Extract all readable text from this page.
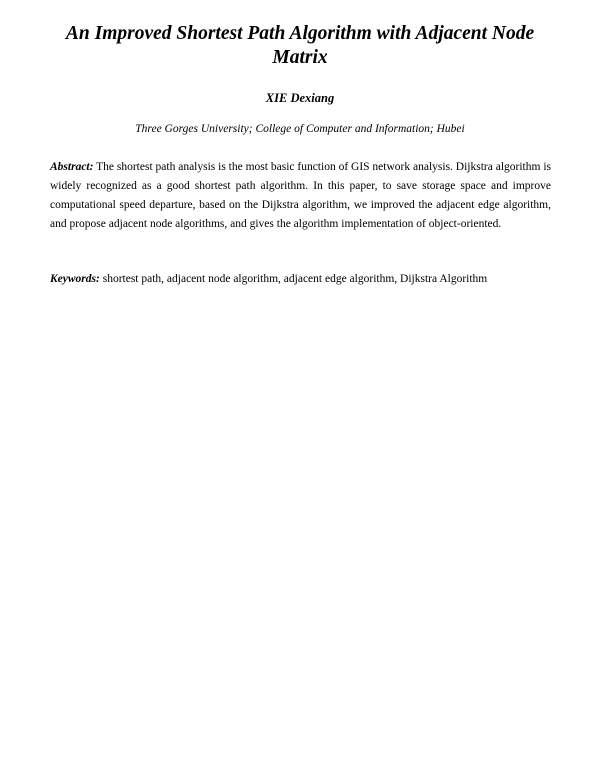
An Improved Shortest Path Algorithm with Adjacent Node Matrix
XIE Dexiang
Three Gorges University; College of Computer and Information; Hubei

Abstract: The shortest path analysis is the most basic function of GIS network analysis. Dijkstra algorithm is widely recognized as a good shortest path algorithm. In this paper, to save storage space and improve computational speed departure, based on the Dijkstra algorithm, we improved the adjacent edge algorithm, and propose adjacent node algorithms, and gives the algorithm implementation of object-oriented.

Keywords: shortest path, adjacent node algorithm, adjacent edge algorithm, Dijkstra Algorithm
